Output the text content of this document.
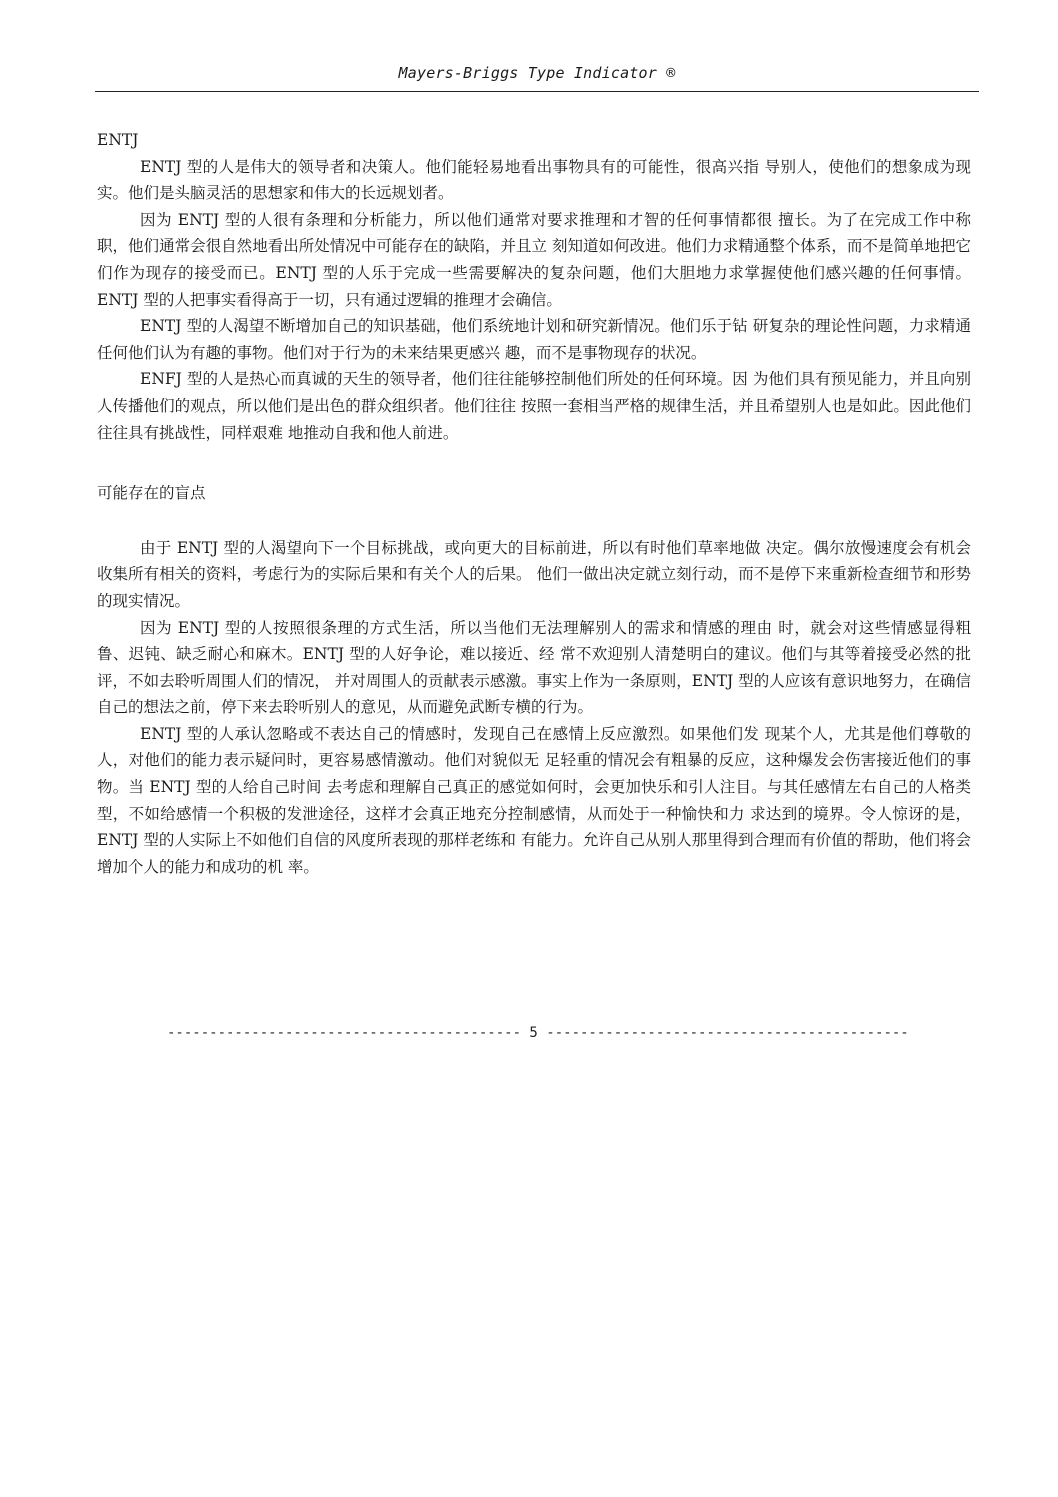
Mayers-Briggs Type Indicator ®
ENTJ

ENTJ 型的人是伟大的领导者和决策人。他们能轻易地看出事物具有的可能性，很高兴指 导别人，使他们的想象成为现实。他们是头脑灵活的思想家和伟大的长远规划者。

因为 ENTJ 型的人很有条理和分析能力，所以他们通常对要求推理和才智的任何事情都很 擅长。为了在完成工作中称职，他们通常会很自然地看出所处情况中可能存在的缺陷，并且立 刻知道如何改进。他们力求精通整个体系，而不是简单地把它们作为现存的接受而已。ENTJ 型的人乐于完成一些需要解决的复杂问题，他们大胆地力求掌握使他们感兴趣的任何事情。 ENTJ 型的人把事实看得高于一切，只有通过逻辑的推理才会确信。

ENTJ 型的人渴望不断增加自己的知识基础，他们系统地计划和研究新情况。他们乐于钻 研复杂的理论性问题，力求精通任何他们认为有趣的事物。他们对于行为的未来结果更感兴 趣，而不是事物现存的状况。

ENFJ 型的人是热心而真诚的天生的领导者，他们往往能够控制他们所处的任何环境。因 为他们具有预见能力，并且向别人传播他们的观点，所以他们是出色的群众组织者。他们往往 按照一套相当严格的规律生活，并且希望别人也是如此。因此他们往往具有挑战性，同样艰难 地推动自我和他人前进。

可能存在的盲点

由于 ENTJ 型的人渴望向下一个目标挑战，或向更大的目标前进，所以有时他们草率地做 决定。偶尔放慢速度会有机会收集所有相关的资料，考虑行为的实际后果和有关个人的后果。 他们一做出决定就立刻行动，而不是停下来重新检查细节和形势的现实情况。

因为 ENTJ 型的人按照很条理的方式生活，所以当他们无法理解别人的需求和情感的理由 时，就会对这些情感显得粗鲁、迟钝、缺乏耐心和麻木。ENTJ 型的人好争论，难以接近、经 常不欢迎别人清楚明白的建议。他们与其等着接受必然的批评，不如去聆听周围人们的情况， 并对周围人的贡献表示感激。事实上作为一条原则，ENTJ 型的人应该有意识地努力，在确信 自己的想法之前，停下来去聆听别人的意见，从而避免武断专横的行为。

ENTJ 型的人承认忽略或不表达自己的情感时，发现自己在感情上反应激烈。如果他们发 现某个人，尤其是他们尊敬的人，对他们的能力表示疑问时，更容易感情激动。他们对貌似无 足轻重的情况会有粗暴的反应，这种爆发会伤害接近他们的事物。当 ENTJ 型的人给自己时间 去考虑和理解自己真正的感觉如何时，会更加快乐和引人注目。与其任感情左右自己的人格类 型，不如给感情一个积极的发泄途径，这样才会真正地充分控制感情，从而处于一种愉快和力 求达到的境界。令人惊讶的是，ENTJ 型的人实际上不如他们自信的风度所表现的那样老练和 有能力。允许自己从别人那里得到合理而有价值的帮助，他们将会增加个人的能力和成功的机 率。

------------------------------------------ 5 -------------------------------------------
